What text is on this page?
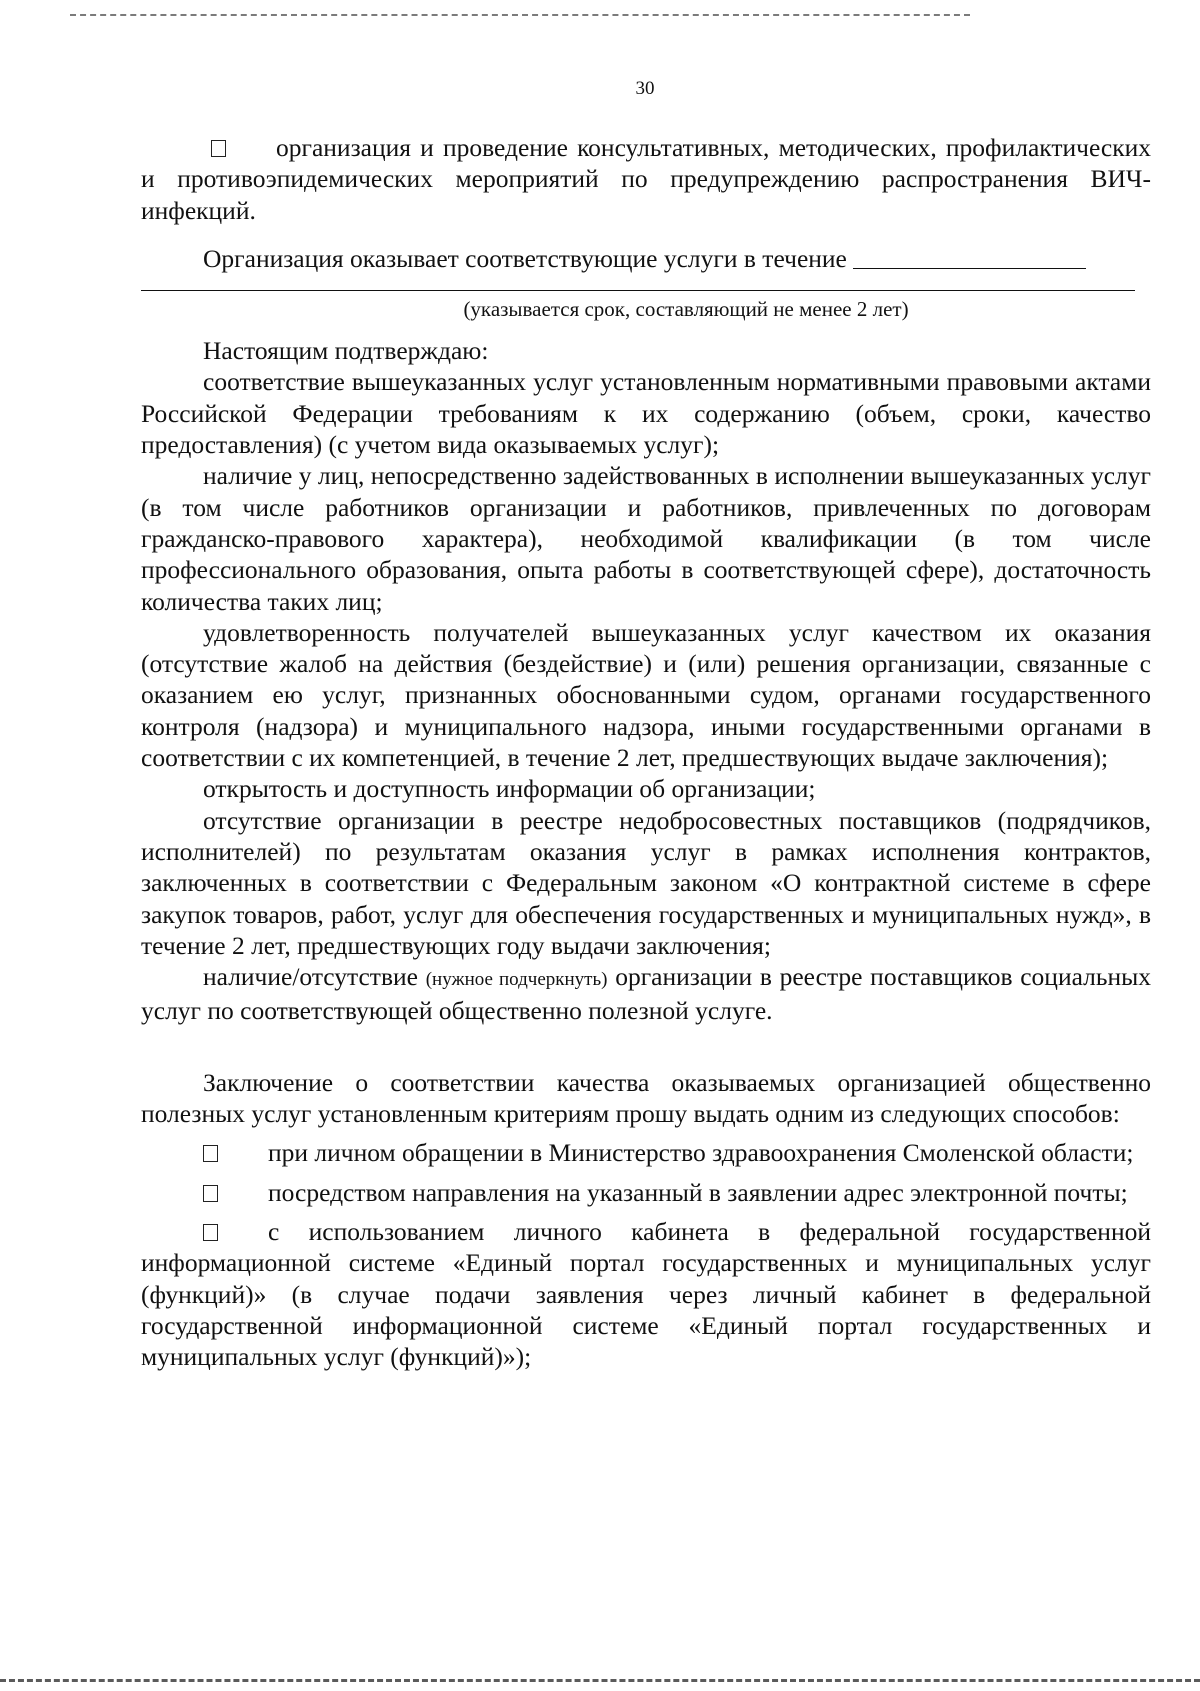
30

организация и проведение консультативных, методических, профилактических и противоэпидемических мероприятий по предупреждению распространения ВИЧ-инфекций.

Организация оказывает соответствующие услуги в течение

(указывается срок, составляющий не менее 2 лет)

Настоящим подтверждаю:

соответствие вышеуказанных услуг установленным нормативными правовыми актами Российской Федерации требованиям к их содержанию (объем, сроки, качество предоставления) (с учетом вида оказываемых услуг);

наличие у лиц, непосредственно задействованных в исполнении вышеуказанных услуг (в том числе работников организации и работников, привлеченных по договорам гражданско-правового характера), необходимой квалификации (в том числе профессионального образования, опыта работы в соответствующей сфере), достаточность количества таких лиц;

удовлетворенность получателей вышеуказанных услуг качеством их оказания (отсутствие жалоб на действия (бездействие) и (или) решения организации, связанные с оказанием ею услуг, признанных обоснованными судом, органами государственного контроля (надзора) и муниципального надзора, иными государственными органами в соответствии с их компетенцией, в течение 2 лет, предшествующих выдаче заключения);

открытость и доступность информации об организации;

отсутствие организации в реестре недобросовестных поставщиков (подрядчиков, исполнителей) по результатам оказания услуг в рамках исполнения контрактов, заключенных в соответствии с Федеральным законом «О контрактной системе в сфере закупок товаров, работ, услуг для обеспечения государственных и муниципальных нужд», в течение 2 лет, предшествующих году выдачи заключения;

наличие/отсутствие (нужное подчеркнуть) организации в реестре поставщиков социальных услуг по соответствующей общественно полезной услуге.

Заключение о соответствии качества оказываемых организацией общественно полезных услуг установленным критериям прошу выдать одним из следующих способов:

при личном обращении в Министерство здравоохранения Смоленской области;

посредством направления на указанный в заявлении адрес электронной почты;

с использованием личного кабинета в федеральной государственной информационной системе «Единый портал государственных и муниципальных услуг (функций)» (в случае подачи заявления через личный кабинет в федеральной государственной информационной системе «Единый портал государственных и муниципальных услуг (функций)»);
